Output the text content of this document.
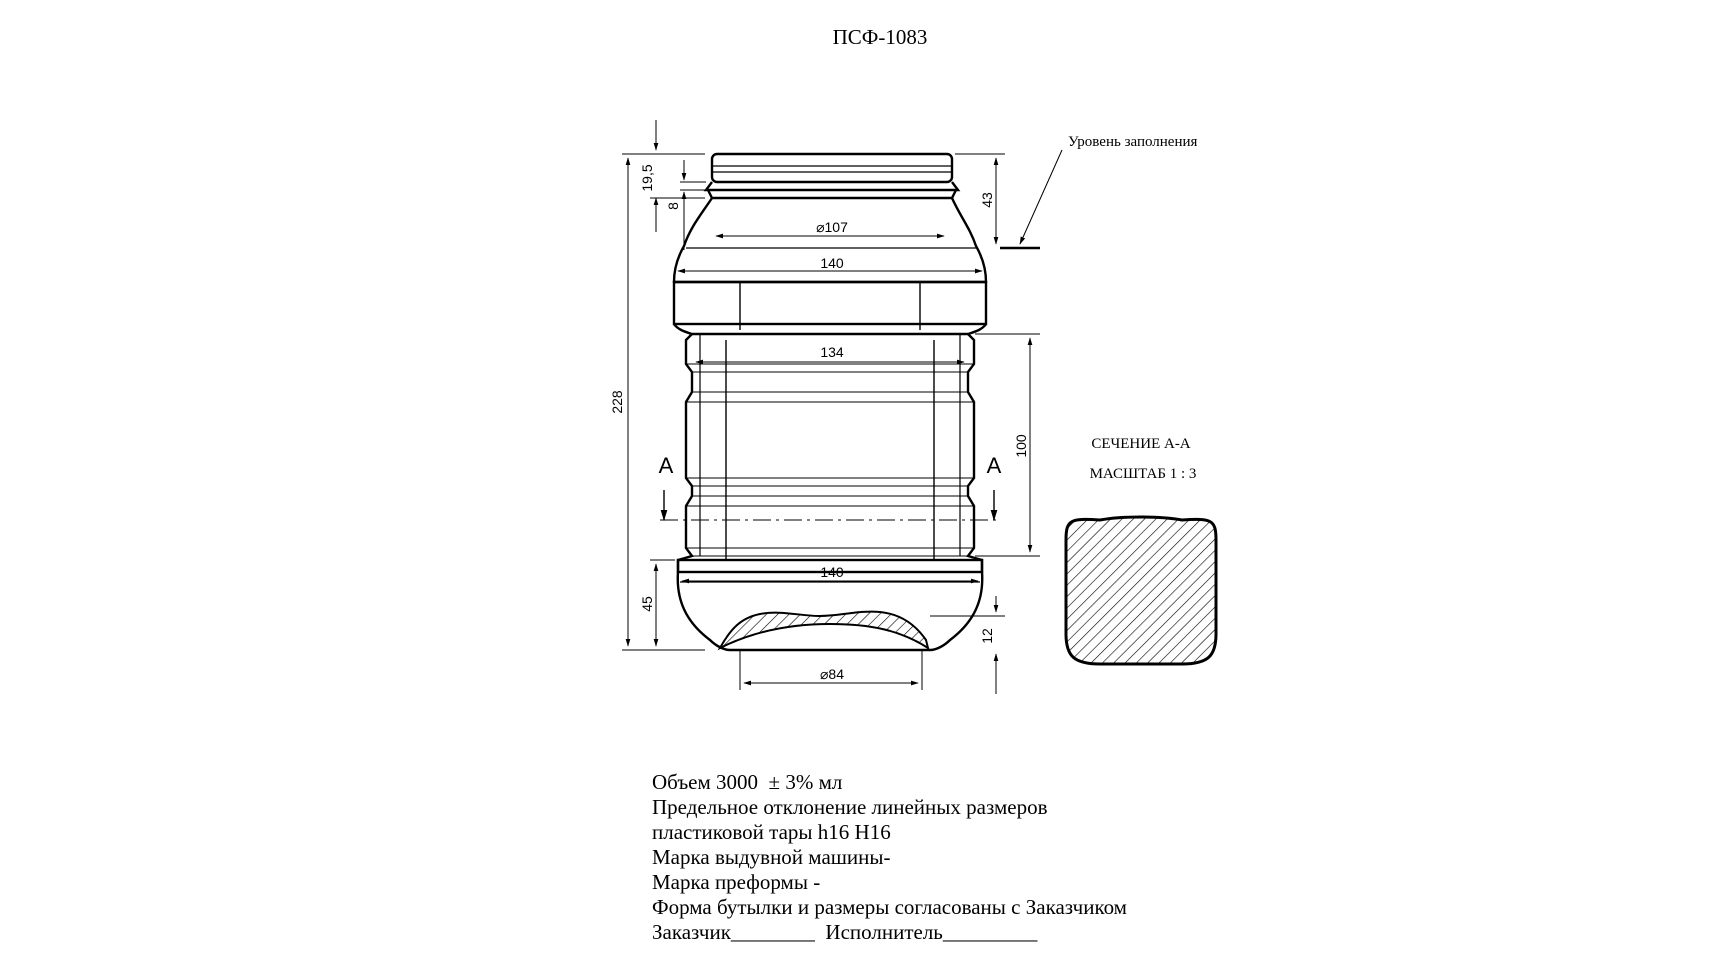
ПСФ-1083
19,5
8
228
43
⌀107
140
134
100
140
45
12
⌀84
A	A
Уровень заполнения
СЕЧЕНИЕ А-А
МАСШТАБ 1 : 3
Объем 3000  ± 3% мл
Предельное отклонение линейных размеров
пластиковой тары h16 H16
Марка выдувной машины-
Марка преформы -
Форма бутылки и размеры согласованы с Заказчиком
Заказчик________  Исполнитель_________
